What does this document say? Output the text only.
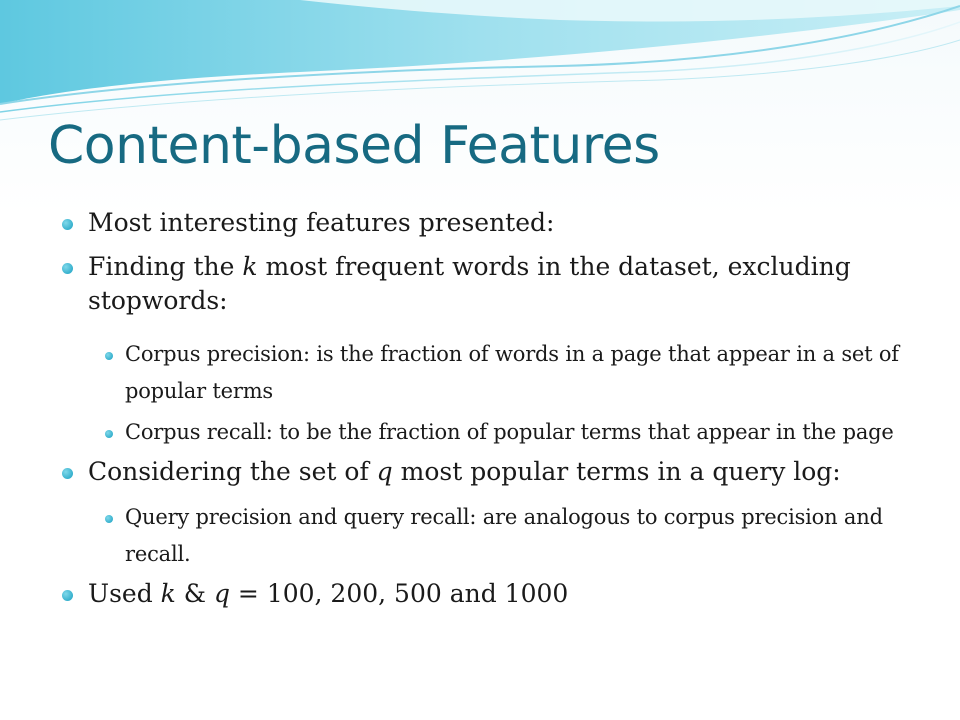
Content-based Features
Most interesting features presented:
Finding the k most frequent words in the dataset, excluding stopwords:
Corpus precision: is the fraction of words in a page that appear in a set of popular terms
Corpus recall: to be the fraction of popular terms that appear in the page
Considering the set of q most popular terms in a query log:
Query precision and query recall: are analogous to corpus precision and recall.
Used k & q = 100, 200, 500 and 1000
